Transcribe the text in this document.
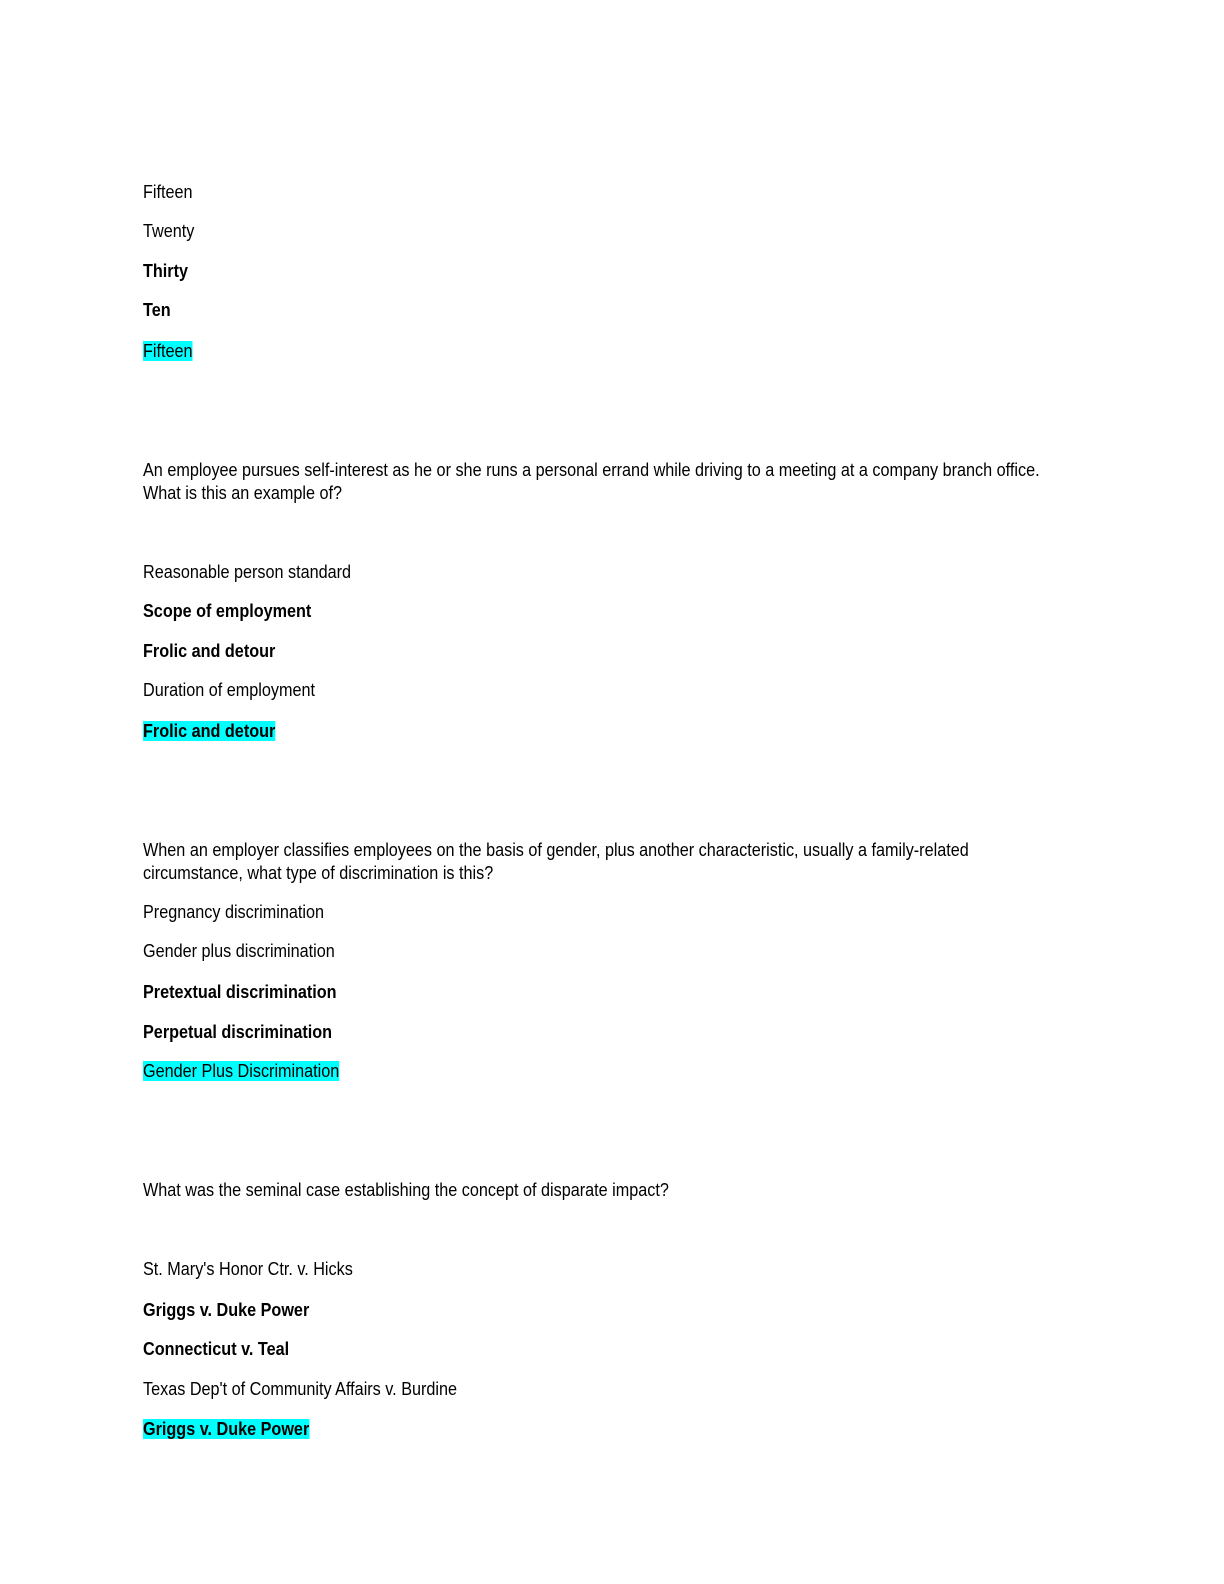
Fifteen
Twenty
Thirty
Ten
Fifteen
An employee pursues self-interest as he or she runs a personal errand while driving to a meeting at a company branch office. What is this an example of?
Reasonable person standard
Scope of employment
Frolic and detour
Duration of employment
Frolic and detour
When an employer classifies employees on the basis of gender, plus another characteristic, usually a family-related circumstance, what type of discrimination is this?
Pregnancy discrimination
Gender plus discrimination
Pretextual discrimination
Perpetual discrimination
Gender Plus Discrimination
What was the seminal case establishing the concept of disparate impact?
St. Mary's Honor Ctr. v. Hicks
Griggs v. Duke Power
Connecticut v. Teal
Texas Dep't of Community Affairs v. Burdine
Griggs v. Duke Power
